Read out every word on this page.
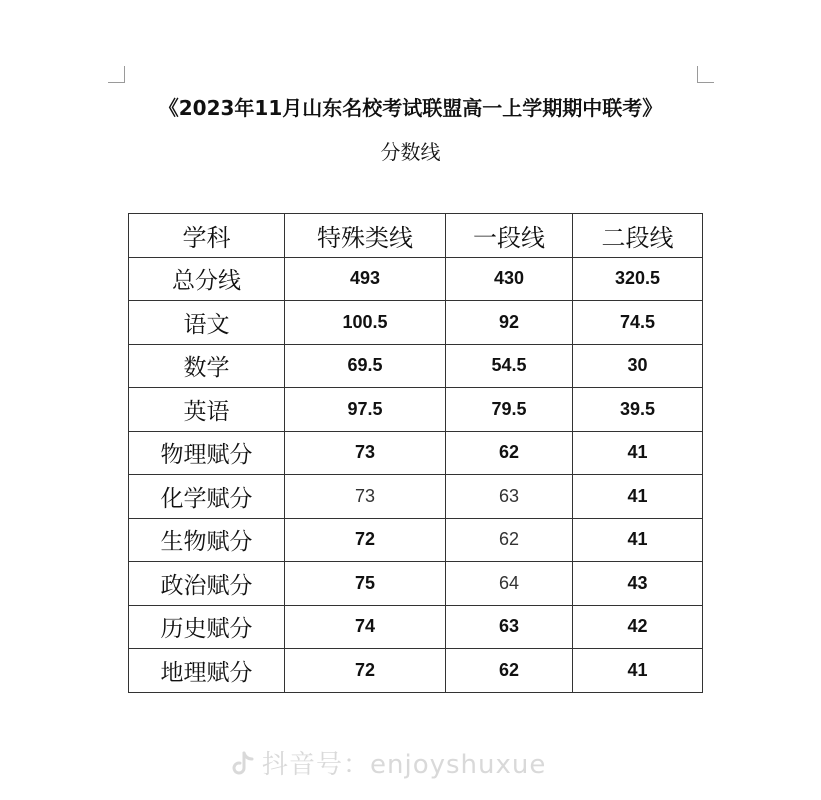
《2023年11月山东名校考试联盟高一上学期期中联考》
分数线
学科	特殊类线	一段线	二段线
总分线	493	430	320.5
语文	100.5	92	74.5
数学	69.5	54.5	30
英语	97.5	79.5	39.5
物理赋分	73	62	41
化学赋分	73	63	41
生物赋分	72	62	41
政治赋分	75	64	43
历史赋分	74	63	42
地理赋分	72	62	41
抖音号：enjoyshuxue
